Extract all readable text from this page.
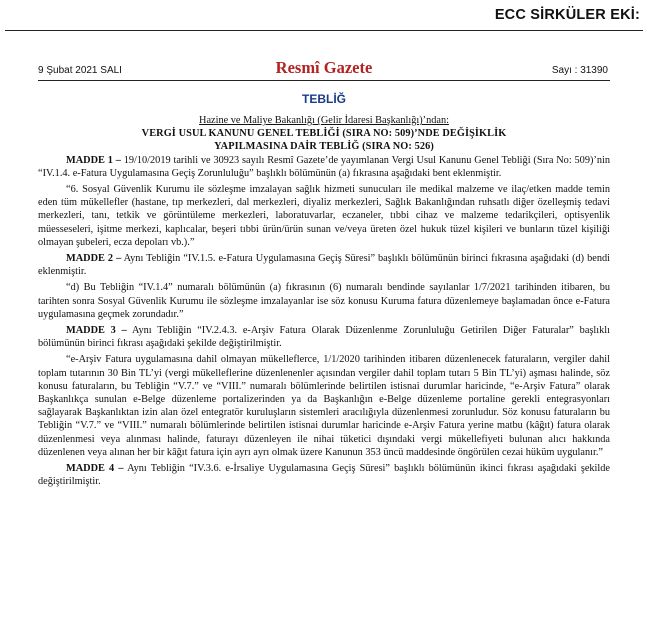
ECC SİRKÜLER EKİ:
9 Şubat 2021 SALI	Resmî Gazete	Sayı : 31390
TEBLİĞ

Hazine ve Maliye Bakanlığı (Gelir İdaresi Başkanlığı)’ndan:

VERGİ USUL KANUNU GENEL TEBLİĞİ (SIRA NO: 509)’NDE DEĞİŞİKLİK

YAPILMASINA DAİR TEBLİĞ (SIRA NO: 526)

MADDE 1 – 19/10/2019 tarihli ve 30923 sayılı Resmî Gazete’de yayımlanan Vergi Usul Kanunu Genel Tebliği (Sıra No: 509)’nin “IV.1.4. e-Fatura Uygulamasına Geçiş Zorunluluğu” başlıklı bölümünün (a) fıkrasına aşağıdaki bent eklenmiştir.

“6. Sosyal Güvenlik Kurumu ile sözleşme imzalayan sağlık hizmeti sunucuları ile medikal malzeme ve ilaç/etken madde temin eden tüm mükellefler (hastane, tıp merkezleri, dal merkezleri, diyaliz merkezleri, Sağlık Bakanlığından ruhsatlı diğer özelleşmiş tedavi merkezleri, tanı, tetkik ve görüntüleme merkezleri, laboratuvarlar, eczaneler, tıbbi cihaz ve malzeme tedarikçileri, optisyenlik müesseseleri, işitme merkezi, kaplıcalar, beşeri tıbbi ürün/ürün sunan ve/veya üreten özel hukuk tüzel kişileri ve bunların tüzel kişiliği olmayan şubeleri, ecza depoları vb.).”

MADDE 2 – Aynı Tebliğin “IV.1.5. e-Fatura Uygulamasına Geçiş Süresi” başlıklı bölümünün birinci fıkrasına aşağıdaki (d) bendi eklenmiştir.

“d) Bu Tebliğin “IV.1.4” numaralı bölümünün (a) fıkrasının (6) numaralı bendinde sayılanlar 1/7/2021 tarihinden itibaren, bu tarihten sonra Sosyal Güvenlik Kurumu ile sözleşme imzalayanlar ise söz konusu Kuruma fatura düzenlemeye başlamadan önce e-Fatura uygulamasına geçmek zorundadır.”

MADDE 3 – Aynı Tebliğin “IV.2.4.3. e-Arşiv Fatura Olarak Düzenlenme Zorunluluğu Getirilen Diğer Faturalar” başlıklı bölümünün birinci fıkrası aşağıdaki şekilde değiştirilmiştir.

“e-Arşiv Fatura uygulamasına dahil olmayan mükelleflerce, 1/1/2020 tarihinden itibaren düzenlenecek faturaların, vergiler dahil toplam tutarının 30 Bin TL’yi (vergi mükelleflerine düzenlenenler açısından vergiler dahil toplam tutarı 5 Bin TL’yi) aşması halinde, söz konusu faturaların, bu Tebliğin “V.7.” ve “VIII.” numaralı bölümlerinde belirtilen istisnai durumlar haricinde, “e-Arşiv Fatura” olarak Başkanlıkça sunulan e-Belge düzenleme portalizerinden ya da Başkanlığın e-Belge düzenleme portaline gerekli entegrasyonları sağlayarak Başkanlıktan izin alan özel entegratör kuruluşların sistemleri aracılığıyla düzenlenmesi zorunludur. Söz konusu faturaların bu Tebliğin “V.7.” ve “VIII.” numaralı bölümlerinde belirtilen istisnai durumlar haricinde e-Arşiv Fatura yerine matbu (kâğıt) fatura olarak düzenlenmesi veya alınması halinde, faturayı düzenleyen ile nihai tüketici dışındaki vergi mükellefiyeti bulunan alıcı hakkında düzenlenen veya alınan her bir kâğıt fatura için ayrı ayrı olmak üzere Kanunun 353 üncü maddesinde öngörülen cezai hüküm uygulanır.”

MADDE 4 – Aynı Tebliğin “IV.3.6. e-İrsaliye Uygulamasına Geçiş Süresi” başlıklı bölümünün ikinci fıkrası aşağıdaki şekilde değiştirilmiştir.
